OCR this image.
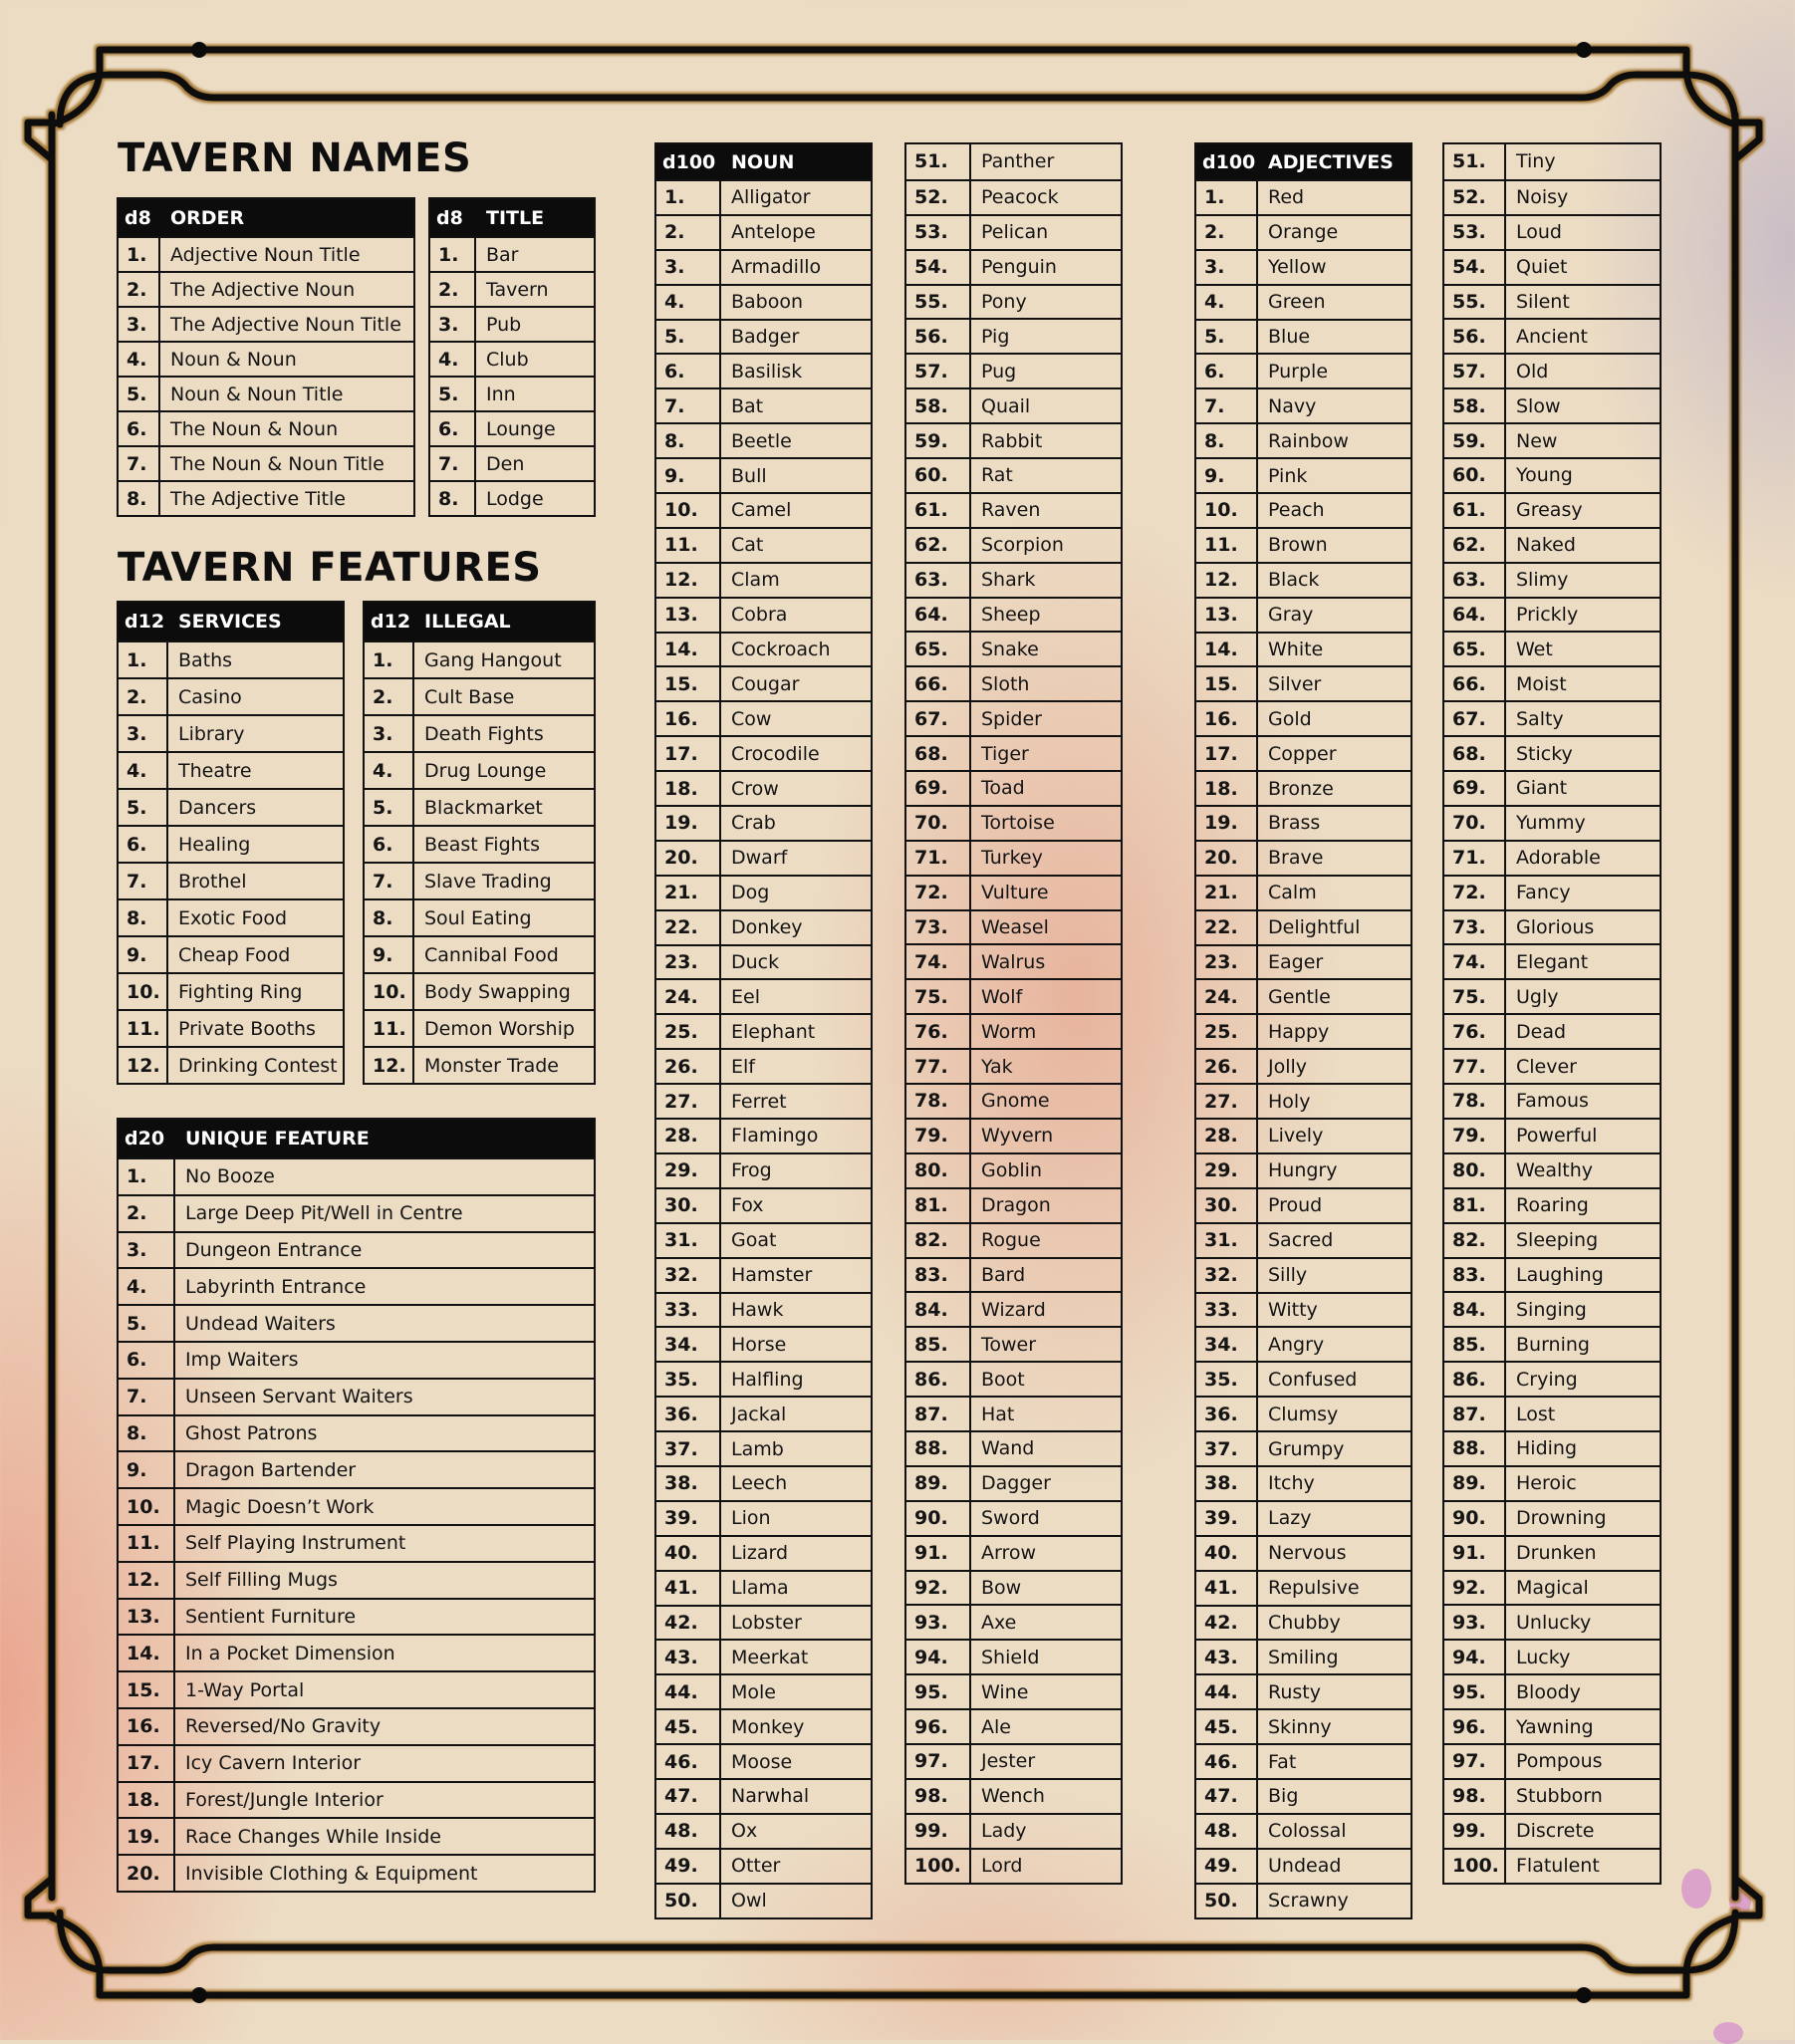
TAVERN NAMES
TAVERN FEATURES
d8	ORDER
1.	Adjective Noun Title
2.	The Adjective Noun
3.	The Adjective Noun Title
4.	Noun & Noun
5.	Noun & Noun Title
6.	The Noun & Noun
7.	The Noun & Noun Title
8.	The Adjective Title
d8	TITLE
1.	Bar
2.	Tavern
3.	Pub
4.	Club
5.	Inn
6.	Lounge
7.	Den
8.	Lodge
d12 SERVICES
1.	Baths
2.	Casino
3.	Library
4.	Theatre
5.	Dancers
6.	Healing
7.	Brothel
8.	Exotic Food
9.	Cheap Food
10. Fighting Ring
11. Private Booths
12. Drinking Contest
d12 ILLEGAL
1.	Gang Hangout
2.	Cult Base
3.	Death Fights
4.	Drug Lounge
5.	Blackmarket
6.	Beast Fights
7.	Slave Trading
8.	Soul Eating
9.	Cannibal Food
10. Body Swapping
11. Demon Worship
12. Monster Trade
d20	UNIQUE FEATURE
1.	No Booze
2.	Large Deep Pit/Well in Centre
3.	Dungeon Entrance
4.	Labyrinth Entrance
5.	Undead Waiters
6.	Imp Waiters
7.	Unseen Servant Waiters
8.	Ghost Patrons
9.	Dragon Bartender
10.	Magic Doesn’t Work
11.	Self Playing Instrument
12.	Self Filling Mugs
13.	Sentient Furniture
14.	In a Pocket Dimension
15.	1-Way Portal
16.	Reversed/No Gravity
17.	Icy Cavern Interior
18.	Forest/Jungle Interior
19.	Race Changes While Inside
20.	Invisible Clothing & Equipment
d100 NOUN
1.	Alligator
2.	Antelope
3.	Armadillo
4.	Baboon
5.	Badger
6.	Basilisk
7.	Bat
8.	Beetle
9.	Bull
10.	Camel
11.	Cat
12.	Clam
13.	Cobra
14.	Cockroach
15.	Cougar
16.	Cow
17.	Crocodile
18.	Crow
19.	Crab
20.	Dwarf
21.	Dog
22.	Donkey
23.	Duck
24.	Eel
25.	Elephant
26.	Elf
27.	Ferret
28.	Flamingo
29.	Frog
30.	Fox
31.	Goat
32.	Hamster
33.	Hawk
34.	Horse
35.	Halfling
36.	Jackal
37.	Lamb
38.	Leech
39.	Lion
40.	Lizard
41.	Llama
42.	Lobster
43.	Meerkat
44.	Mole
45.	Monkey
46.	Moose
47.	Narwhal
48.	Ox
49.	Otter
50.	Owl
51.	Panther
52.	Peacock
53.	Pelican
54.	Penguin
55.	Pony
56.	Pig
57.	Pug
58.	Quail
59.	Rabbit
60.	Rat
61.	Raven
62.	Scorpion
63.	Shark
64.	Sheep
65.	Snake
66.	Sloth
67.	Spider
68.	Tiger
69.	Toad
70.	Tortoise
71.	Turkey
72.	Vulture
73.	Weasel
74.	Walrus
75.	Wolf
76.	Worm
77.	Yak
78.	Gnome
79.	Wyvern
80.	Goblin
81.	Dragon
82.	Rogue
83.	Bard
84.	Wizard
85.	Tower
86.	Boot
87.	Hat
88.	Wand
89.	Dagger
90.	Sword
91.	Arrow
92.	Bow
93.	Axe
94.	Shield
95.	Wine
96.	Ale
97.	Jester
98.	Wench
99.	Lady
100.	Lord
d100 ADJECTIVES
1.	Red
2.	Orange
3.	Yellow
4.	Green
5.	Blue
6.	Purple
7.	Navy
8.	Rainbow
9.	Pink
10.	Peach
11.	Brown
12.	Black
13.	Gray
14.	White
15.	Silver
16.	Gold
17.	Copper
18.	Bronze
19.	Brass
20.	Brave
21.	Calm
22.	Delightful
23.	Eager
24.	Gentle
25.	Happy
26.	Jolly
27.	Holy
28.	Lively
29.	Hungry
30.	Proud
31.	Sacred
32.	Silly
33.	Witty
34.	Angry
35.	Confused
36.	Clumsy
37.	Grumpy
38.	Itchy
39.	Lazy
40.	Nervous
41.	Repulsive
42.	Chubby
43.	Smiling
44.	Rusty
45.	Skinny
46.	Fat
47.	Big
48.	Colossal
49.	Undead
50.	Scrawny
51.	Tiny
52.	Noisy
53.	Loud
54.	Quiet
55.	Silent
56.	Ancient
57.	Old
58.	Slow
59.	New
60.	Young
61.	Greasy
62.	Naked
63.	Slimy
64.	Prickly
65.	Wet
66.	Moist
67.	Salty
68.	Sticky
69.	Giant
70.	Yummy
71.	Adorable
72.	Fancy
73.	Glorious
74.	Elegant
75.	Ugly
76.	Dead
77.	Clever
78.	Famous
79.	Powerful
80.	Wealthy
81.	Roaring
82.	Sleeping
83.	Laughing
84.	Singing
85.	Burning
86.	Crying
87.	Lost
88.	Hiding
89.	Heroic
90.	Drowning
91.	Drunken
92.	Magical
93.	Unlucky
94.	Lucky
95.	Bloody
96.	Yawning
97.	Pompous
98.	Stubborn
99.	Discrete
100. Flatulent
